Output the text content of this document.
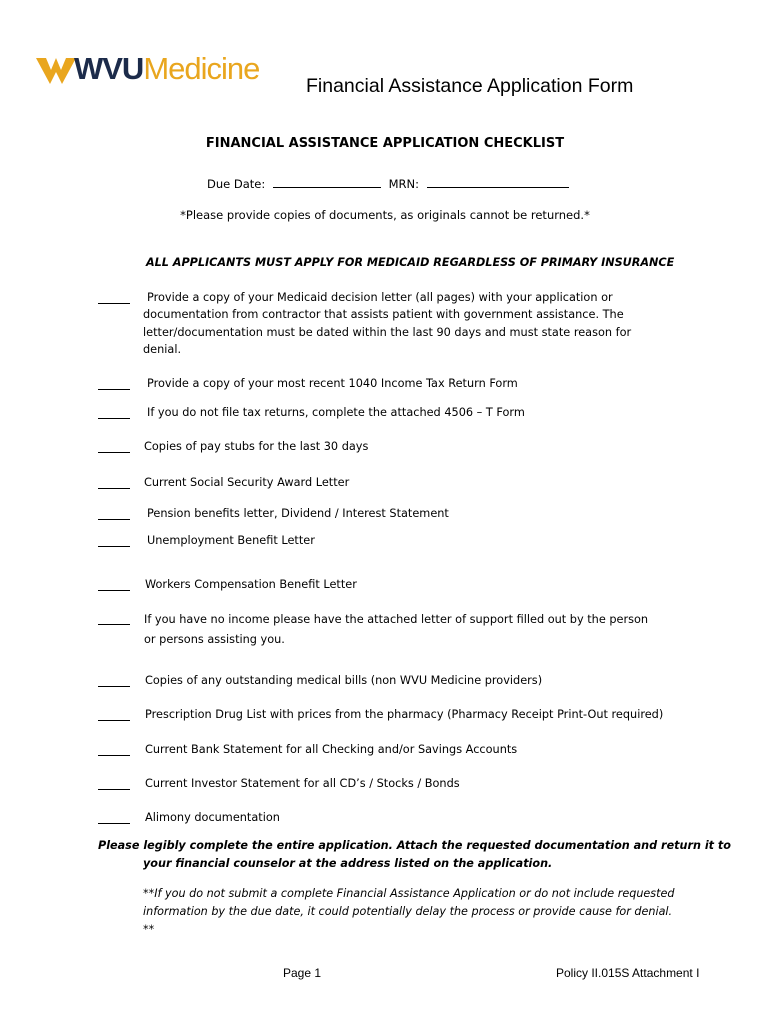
WVUMedicine Financial Assistance Application Form
FINANCIAL ASSISTANCE APPLICATION CHECKLIST
Due Date:	MRN:
*Please provide copies of documents, as originals cannot be returned.*
ALL APPLICANTS MUST APPLY FOR MEDICAID REGARDLESS OF PRIMARY INSURANCE
Provide a copy of your Medicaid decision letter (all pages) with your application or
documentation from contractor that assists patient with government assistance. The
letter/documentation must be dated within the last 90 days and must state reason for
denial.
Provide a copy of your most recent 1040 Income Tax Return Form
If you do not file tax returns, complete the attached 4506 – T Form
Copies of pay stubs for the last 30 days
Current Social Security Award Letter
Pension benefits letter, Dividend / Interest Statement
Unemployment Benefit Letter
Workers Compensation Benefit Letter
If you have no income please have the attached letter of support filled out by the person
or persons assisting you.
Copies of any outstanding medical bills (non WVU Medicine providers)
Prescription Drug List with prices from the pharmacy (Pharmacy Receipt Print-Out required)
Current Bank Statement for all Checking and/or Savings Accounts
Current Investor Statement for all CD’s / Stocks / Bonds
Alimony documentation
Please legibly complete the entire application. Attach the requested documentation and return it to
your financial counselor at the address listed on the application.
**If you do not submit a complete Financial Assistance Application or do not include requested
information by the due date, it could potentially delay the process or provide cause for denial.
**
Page 1	Policy II.015S Attachment I
